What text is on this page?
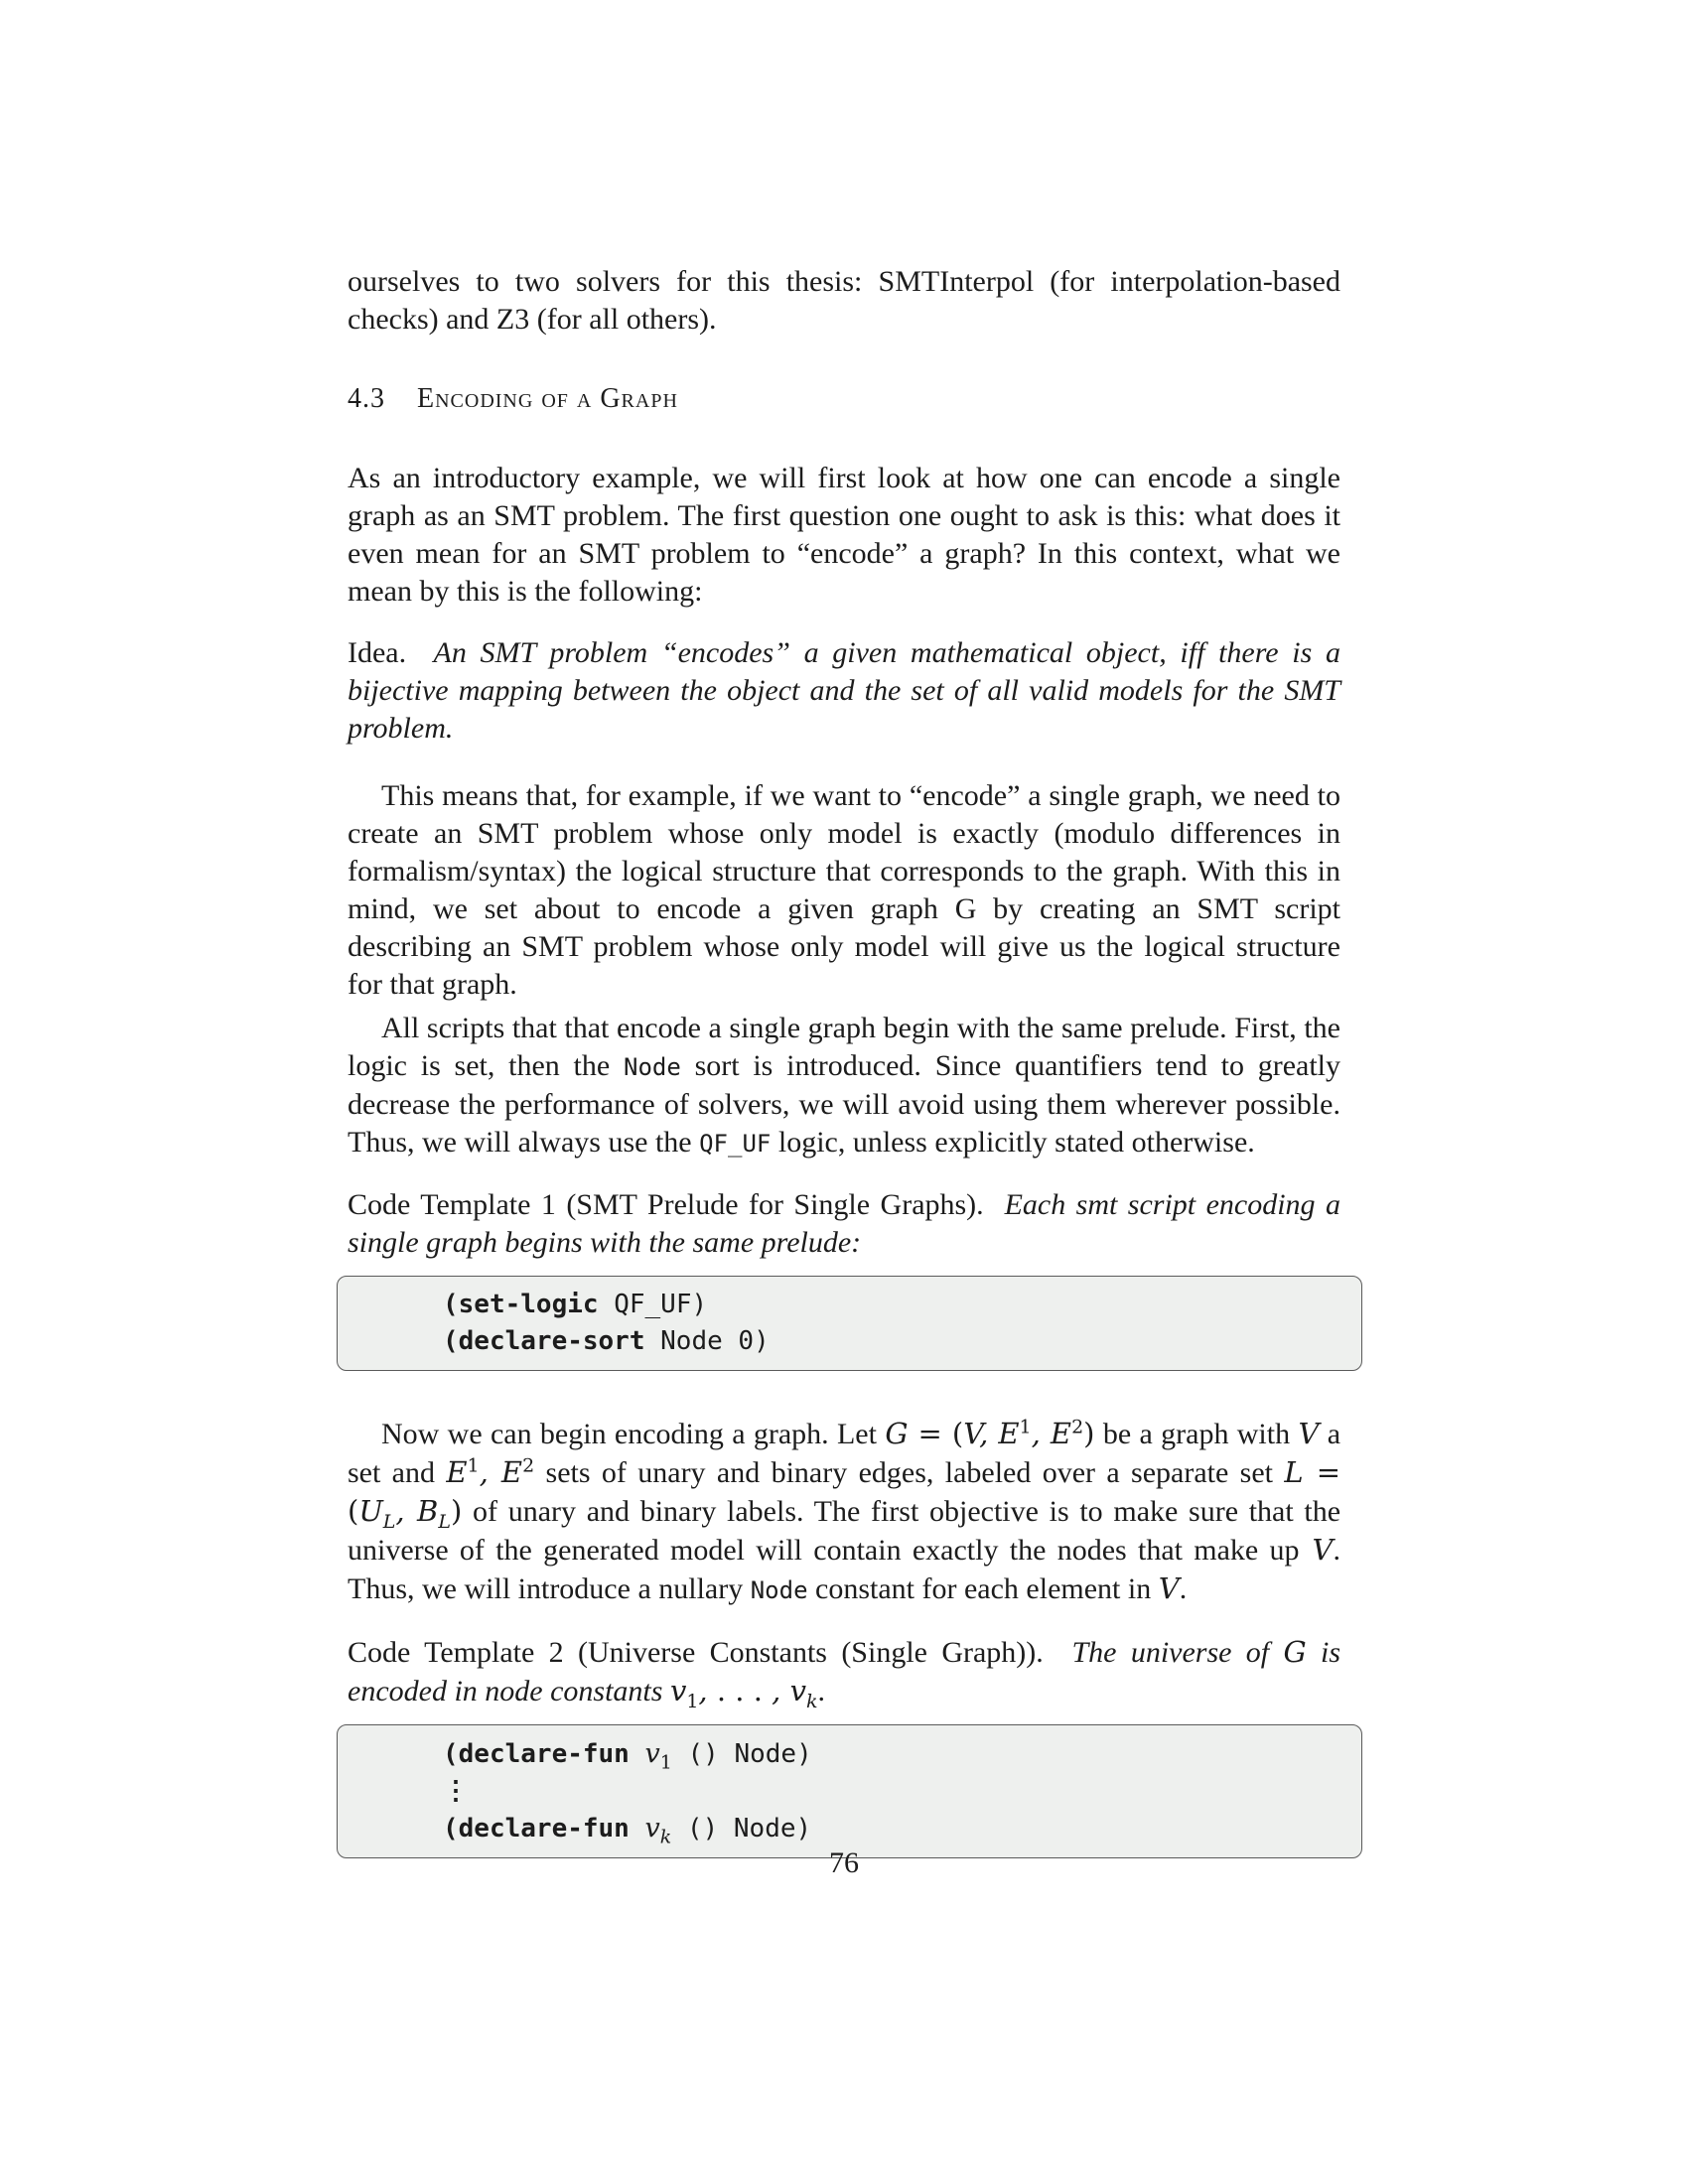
ourselves to two solvers for this thesis: SMTInterpol (for interpolation-based checks) and Z3 (for all others).

4.3 Encoding of a Graph

As an introductory example, we will first look at how one can encode a single graph as an SMT problem. The first question one ought to ask is this: what does it even mean for an SMT problem to “encode” a graph? In this context, what we mean by this is the following:

Idea. An SMT problem “encodes” a given mathematical object, iff there is a bijective mapping between the object and the set of all valid models for the SMT problem.

This means that, for example, if we want to “encode” a single graph, we need to create an SMT problem whose only model is exactly (modulo differences in formalism/syntax) the logical structure that corresponds to the graph. With this in mind, we set about to encode a given graph G by creating an SMT script describing an SMT problem whose only model will give us the logical structure for that graph.

All scripts that that encode a single graph begin with the same prelude. First, the logic is set, then the Node sort is introduced. Since quantifiers tend to greatly decrease the performance of solvers, we will avoid using them wherever possible. Thus, we will always use the QF_UF logic, unless explicitly stated otherwise.

Code Template 1 (SMT Prelude for Single Graphs). Each smt script encoding a single graph begins with the same prelude:

(set-logic QF_UF)
(declare-sort Node 0)

Now we can begin encoding a graph. Let G = (V, $E^1$, $E^2$) be a graph with V a set and $E^1$, $E^2$ sets of unary and binary edges, labeled over a separate set $L = (U_L$, $B_L$) of unary and binary labels. The first objective is to make sure that the universe of the generated model will contain exactly the nodes that make up V. Thus, we will introduce a nullary Node constant for each element in V.

Code Template 2 (Universe Constants (Single Graph)). The universe of G is encoded in node constants $v_1$, . . . , $v_k$.

(declare-fun $v_1$ () Node)
⋮
(declare-fun $v_k$ () Node)
76
